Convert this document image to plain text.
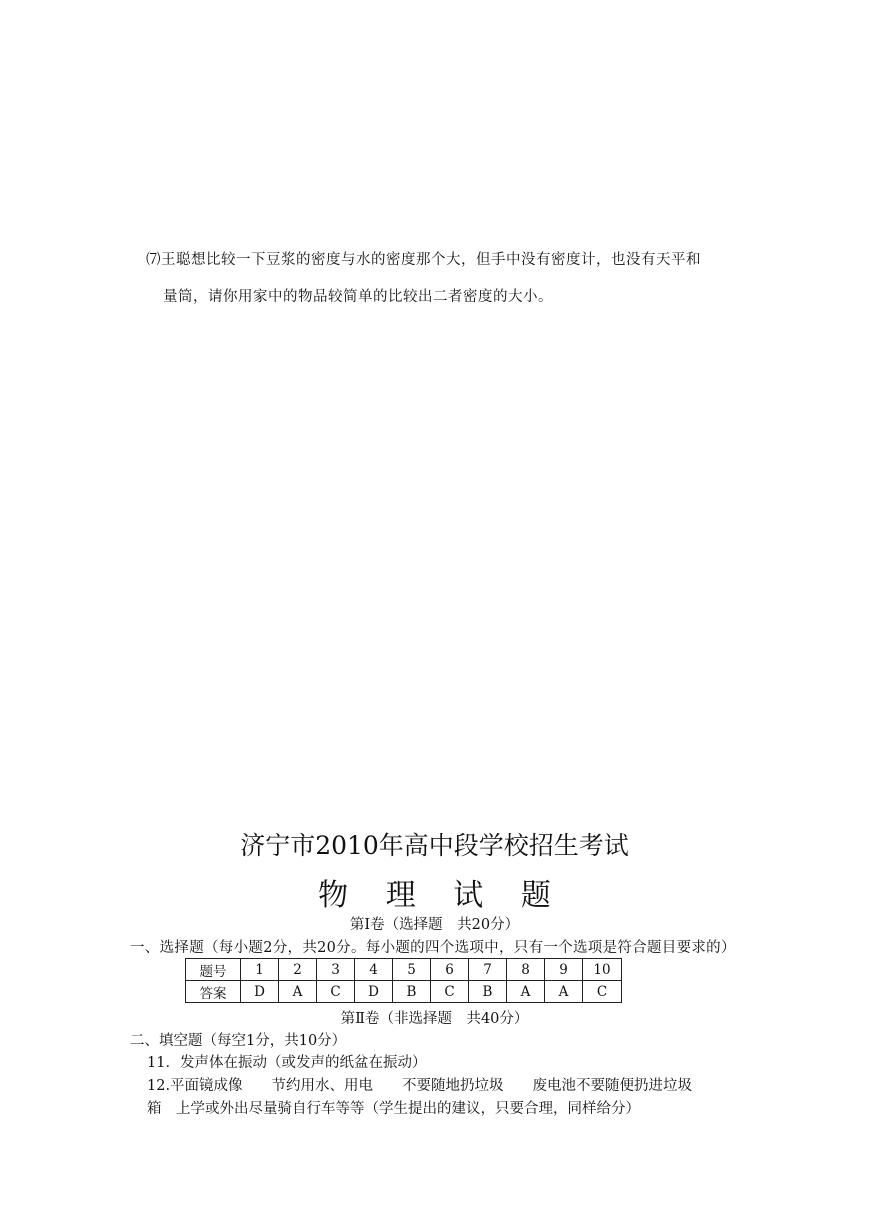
⑺王聪想比较一下豆浆的密度与水的密度那个大，但手中没有密度计，也没有天平和
量筒，请你用家中的物品较简单的比较出二者密度的大小。
济宁市2010年高中段学校招生考试
物 理 试 题
第Ⅰ卷（选择题　共20分）
一、选择题（每小题2分，共20分。每小题的四个选项中，只有一个选项是符合题目要求的）
题号	1	2	3	4	5	6	7	8	9	10
答案	D	A	C	D	B	C	B	A	A	C
第Ⅱ卷（非选择题　共40分）
二、填空题（每空1分，共10分）
11．发声体在振动（或发声的纸盆在振动）
12.平面镜成像　　节约用水、用电　　不要随地扔垃圾　　废电池不要随便扔进垃圾
箱　上学或外出尽量骑自行车等等（学生提出的建议，只要合理，同样给分）
